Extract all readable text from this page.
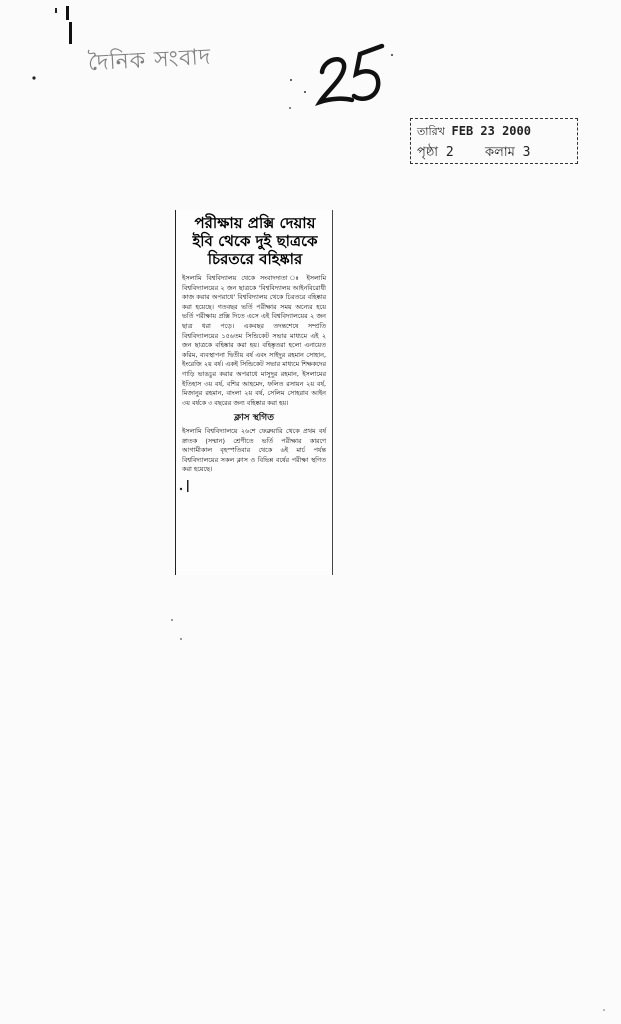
দৈনিক সংবাদ
তারিখ FEB 23 2000
পৃষ্ঠা 2 কলাম 3
পরীক্ষায় প্রক্সি দেয়ায়
ইবি থেকে দুই ছাত্রকে
চিরতরে বহিষ্কার
ইসলামি বিশ্ববিদ্যালয় থেকে সংবাদদাতা ঃ ইসলামি বিশ্ববিদ্যালয়ের ২ জন ছাত্রকে 'বিশ্ববিদ্যালয় আইনবিরোধী কাজ করার অপরাধে' বিশ্ববিদ্যালয় থেকে চিরতরে বহিষ্কার করা হয়েছে। গতবছর ভর্তি পরীক্ষার সময় অন্যের হয়ে ভর্তি পরীক্ষায় প্রক্সি দিতে এসে এই বিশ্ববিদ্যালয়ের ২ জন ছাত্র ধরা পড়ে। একবছর তদন্তশেষে সম্প্রতি বিশ্ববিদ্যালয়ের ১৫৬তম সিন্ডিকেট সভার মাধ্যমে এই ২ জন ছাত্রকে বহিষ্কার করা হয়। বহিষ্কৃতরা হলো এনায়েত করিম, ব্যবস্থাপনা দ্বিতীয় বর্ষ এবং সাইদুর রহমান সোহান, ইংরেজি ২য় বর্ষ। একই সিন্ডিকেট সভার মাধ্যমে শিক্ষকদের গাড়ি ভাঙচুর করার অপরাধে মাসুদুর রহমান, ইসলামের ইতিহাস ৩য় বর্ষ, বশির আহমেদ, ফলিত রসায়ন ২য় বর্ষ, মিজানুর রহমান, বাংলা ২য় বর্ষ, সেলিম সোহরাব আইন ৩য় বর্ষকে ৩ বছরের জন্য বহিষ্কার করা হয়।
ক্লাস স্থগিত
ইসলামি বিশ্ববিদ্যালয়ে ২৬শে ফেব্রুয়ারি থেকে প্রথম বর্ষ স্নাতক (সম্মান) শ্রেণীতে ভর্তি পরীক্ষার কারণে আগামীকাল বৃহস্পতিবার থেকে ৬ই মার্চ পর্যন্ত বিশ্ববিদ্যালয়ের সকল ক্লাস ও বিভিন্ন বর্ষের পরীক্ষা স্থগিত করা হয়েছে।
